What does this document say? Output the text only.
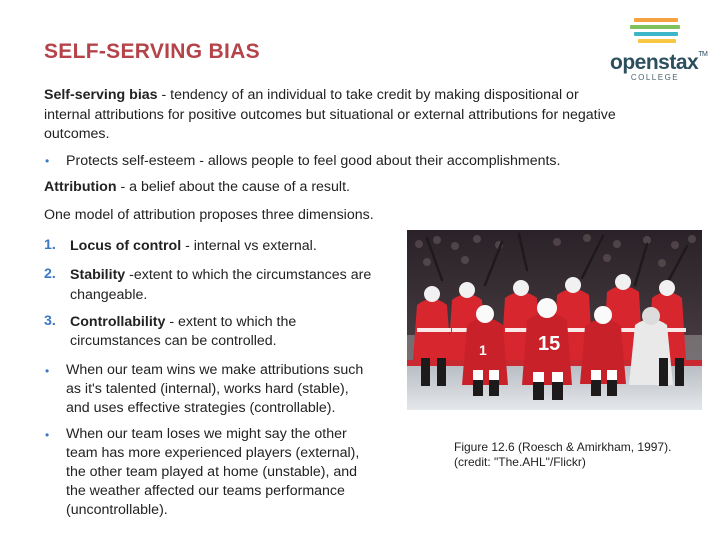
SELF-SERVING BIAS	openstax™
COLLEGE
Self-serving bias - tendency of an individual to take credit by making dispositional or
internal attributions for positive outcomes but situational or external attributions for negative
outcomes.
• Protects self-esteem - allows people to feel good about their accomplishments.
Attribution - a belief about the cause of a result.
One model of attribution proposes three dimensions.
1. Locus of control - internal vs external.
2. Stability -extent to which the circumstances are
changeable.
3. Controllability - extent to which the
circumstances can be controlled.
• When our team wins we make attributions such
as it's talented (internal), works hard (stable),
and uses effective strategies (controllable).
• When our team loses we might say the other
team has more experienced players (external),
the other team played at home (unstable), and
the weather affected our teams performance
(uncontrollable).
15
1
Figure 12.6 (Roesch & Amirkham, 1997).
(credit: "The.AHL"/Flickr)
